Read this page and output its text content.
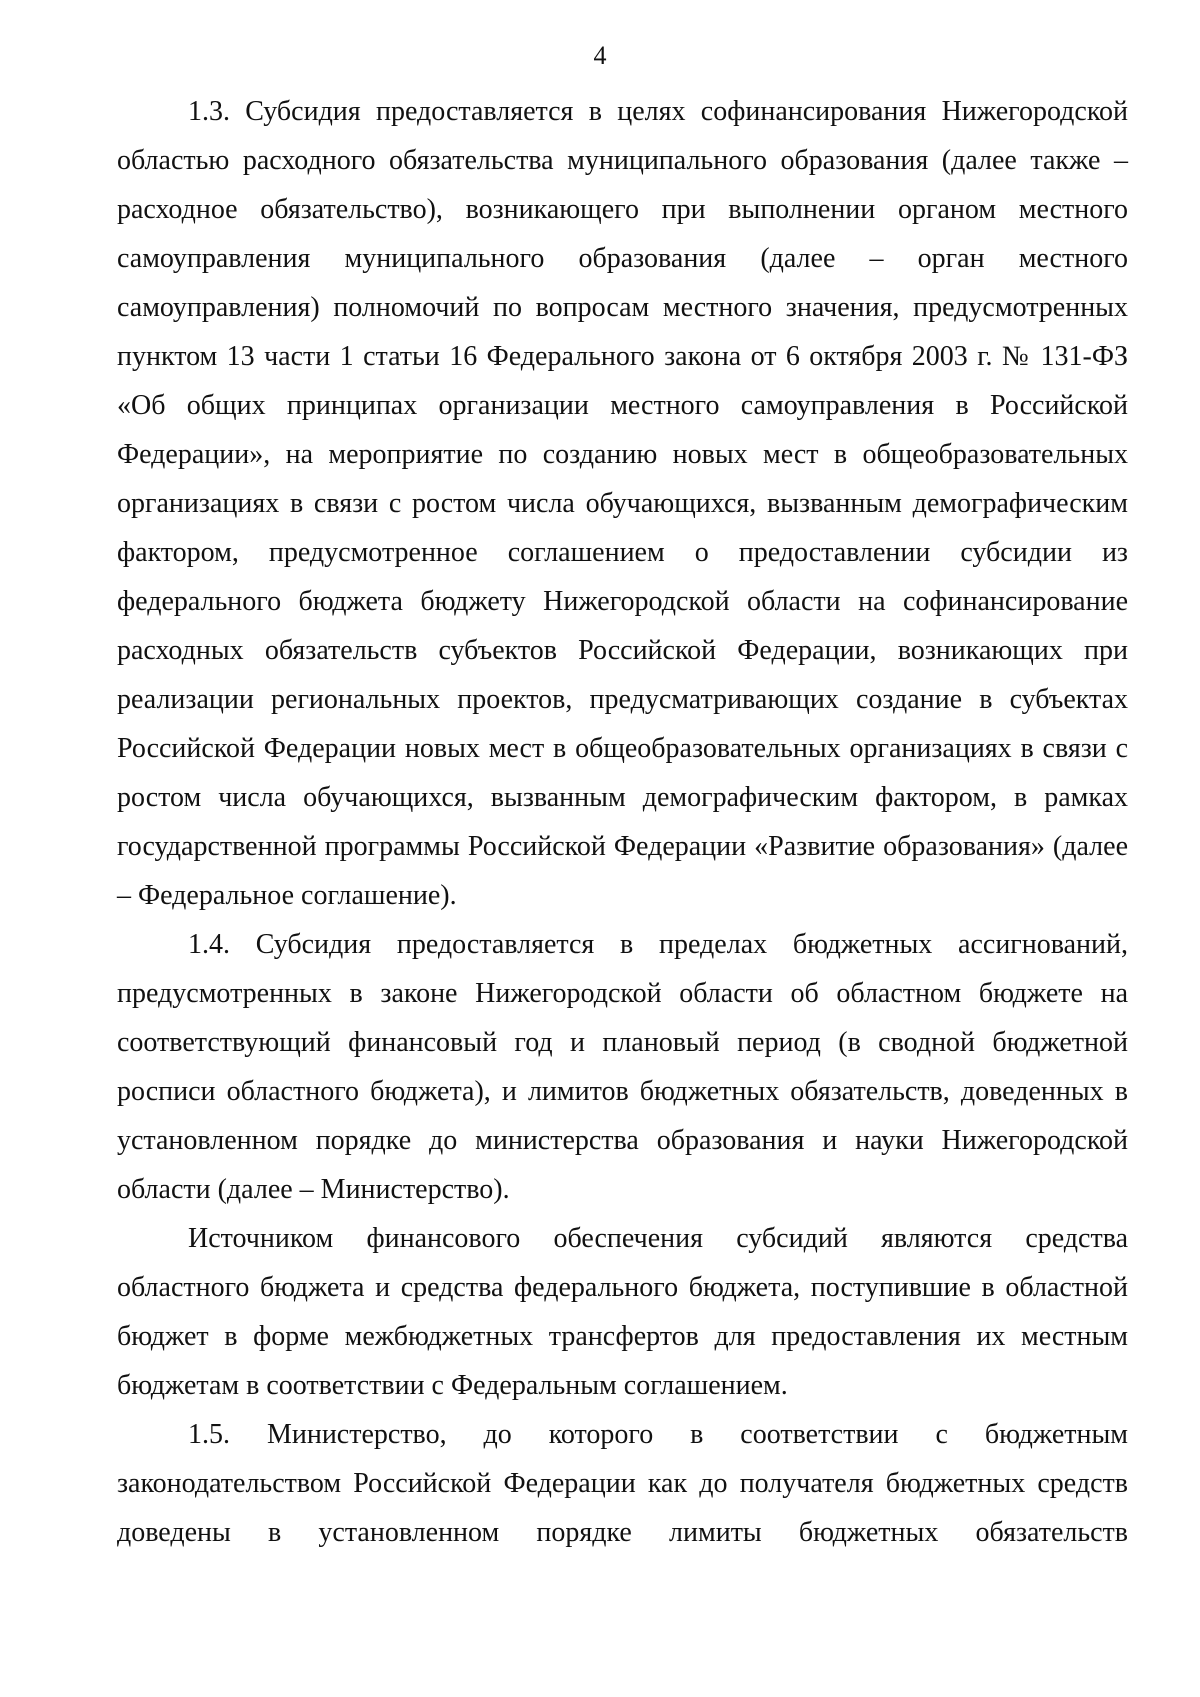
4

1.3. Субсидия предоставляется в целях софинансирования Нижегородской областью расходного обязательства муниципального образования (далее также – расходное обязательство), возникающего при выполнении органом местного самоуправления муниципального образования (далее – орган местного самоуправления) полномочий по вопросам местного значения, предусмотренных пунктом 13 части 1 статьи 16 Федерального закона от 6 октября 2003 г. № 131-ФЗ «Об общих принципах организации местного самоуправления в Российской Федерации», на мероприятие по созданию новых мест в общеобразовательных организациях в связи с ростом числа обучающихся, вызванным демографическим фактором, предусмотренное соглашением о предоставлении субсидии из федерального бюджета бюджету Нижегородской области на софинансирование расходных обязательств субъектов Российской Федерации, возникающих при реализации региональных проектов, предусматривающих создание в субъектах Российской Федерации новых мест в общеобразовательных организациях в связи с ростом числа обучающихся, вызванным демографическим фактором, в рамках государственной программы Российской Федерации «Развитие образования» (далее – Федеральное соглашение).

1.4. Субсидия предоставляется в пределах бюджетных ассигнований, предусмотренных в законе Нижегородской области об областном бюджете на соответствующий финансовый год и плановый период (в сводной бюджетной росписи областного бюджета), и лимитов бюджетных обязательств, доведенных в установленном порядке до министерства образования и науки Нижегородской области (далее – Министерство).

Источником финансового обеспечения субсидий являются средства областного бюджета и средства федерального бюджета, поступившие в областной бюджет в форме межбюджетных трансфертов для предоставления их местным бюджетам в соответствии с Федеральным соглашением.

1.5. Министерство, до которого в соответствии с бюджетным законодательством Российской Федерации как до получателя бюджетных средств доведены в установленном порядке лимиты бюджетных обязательств
